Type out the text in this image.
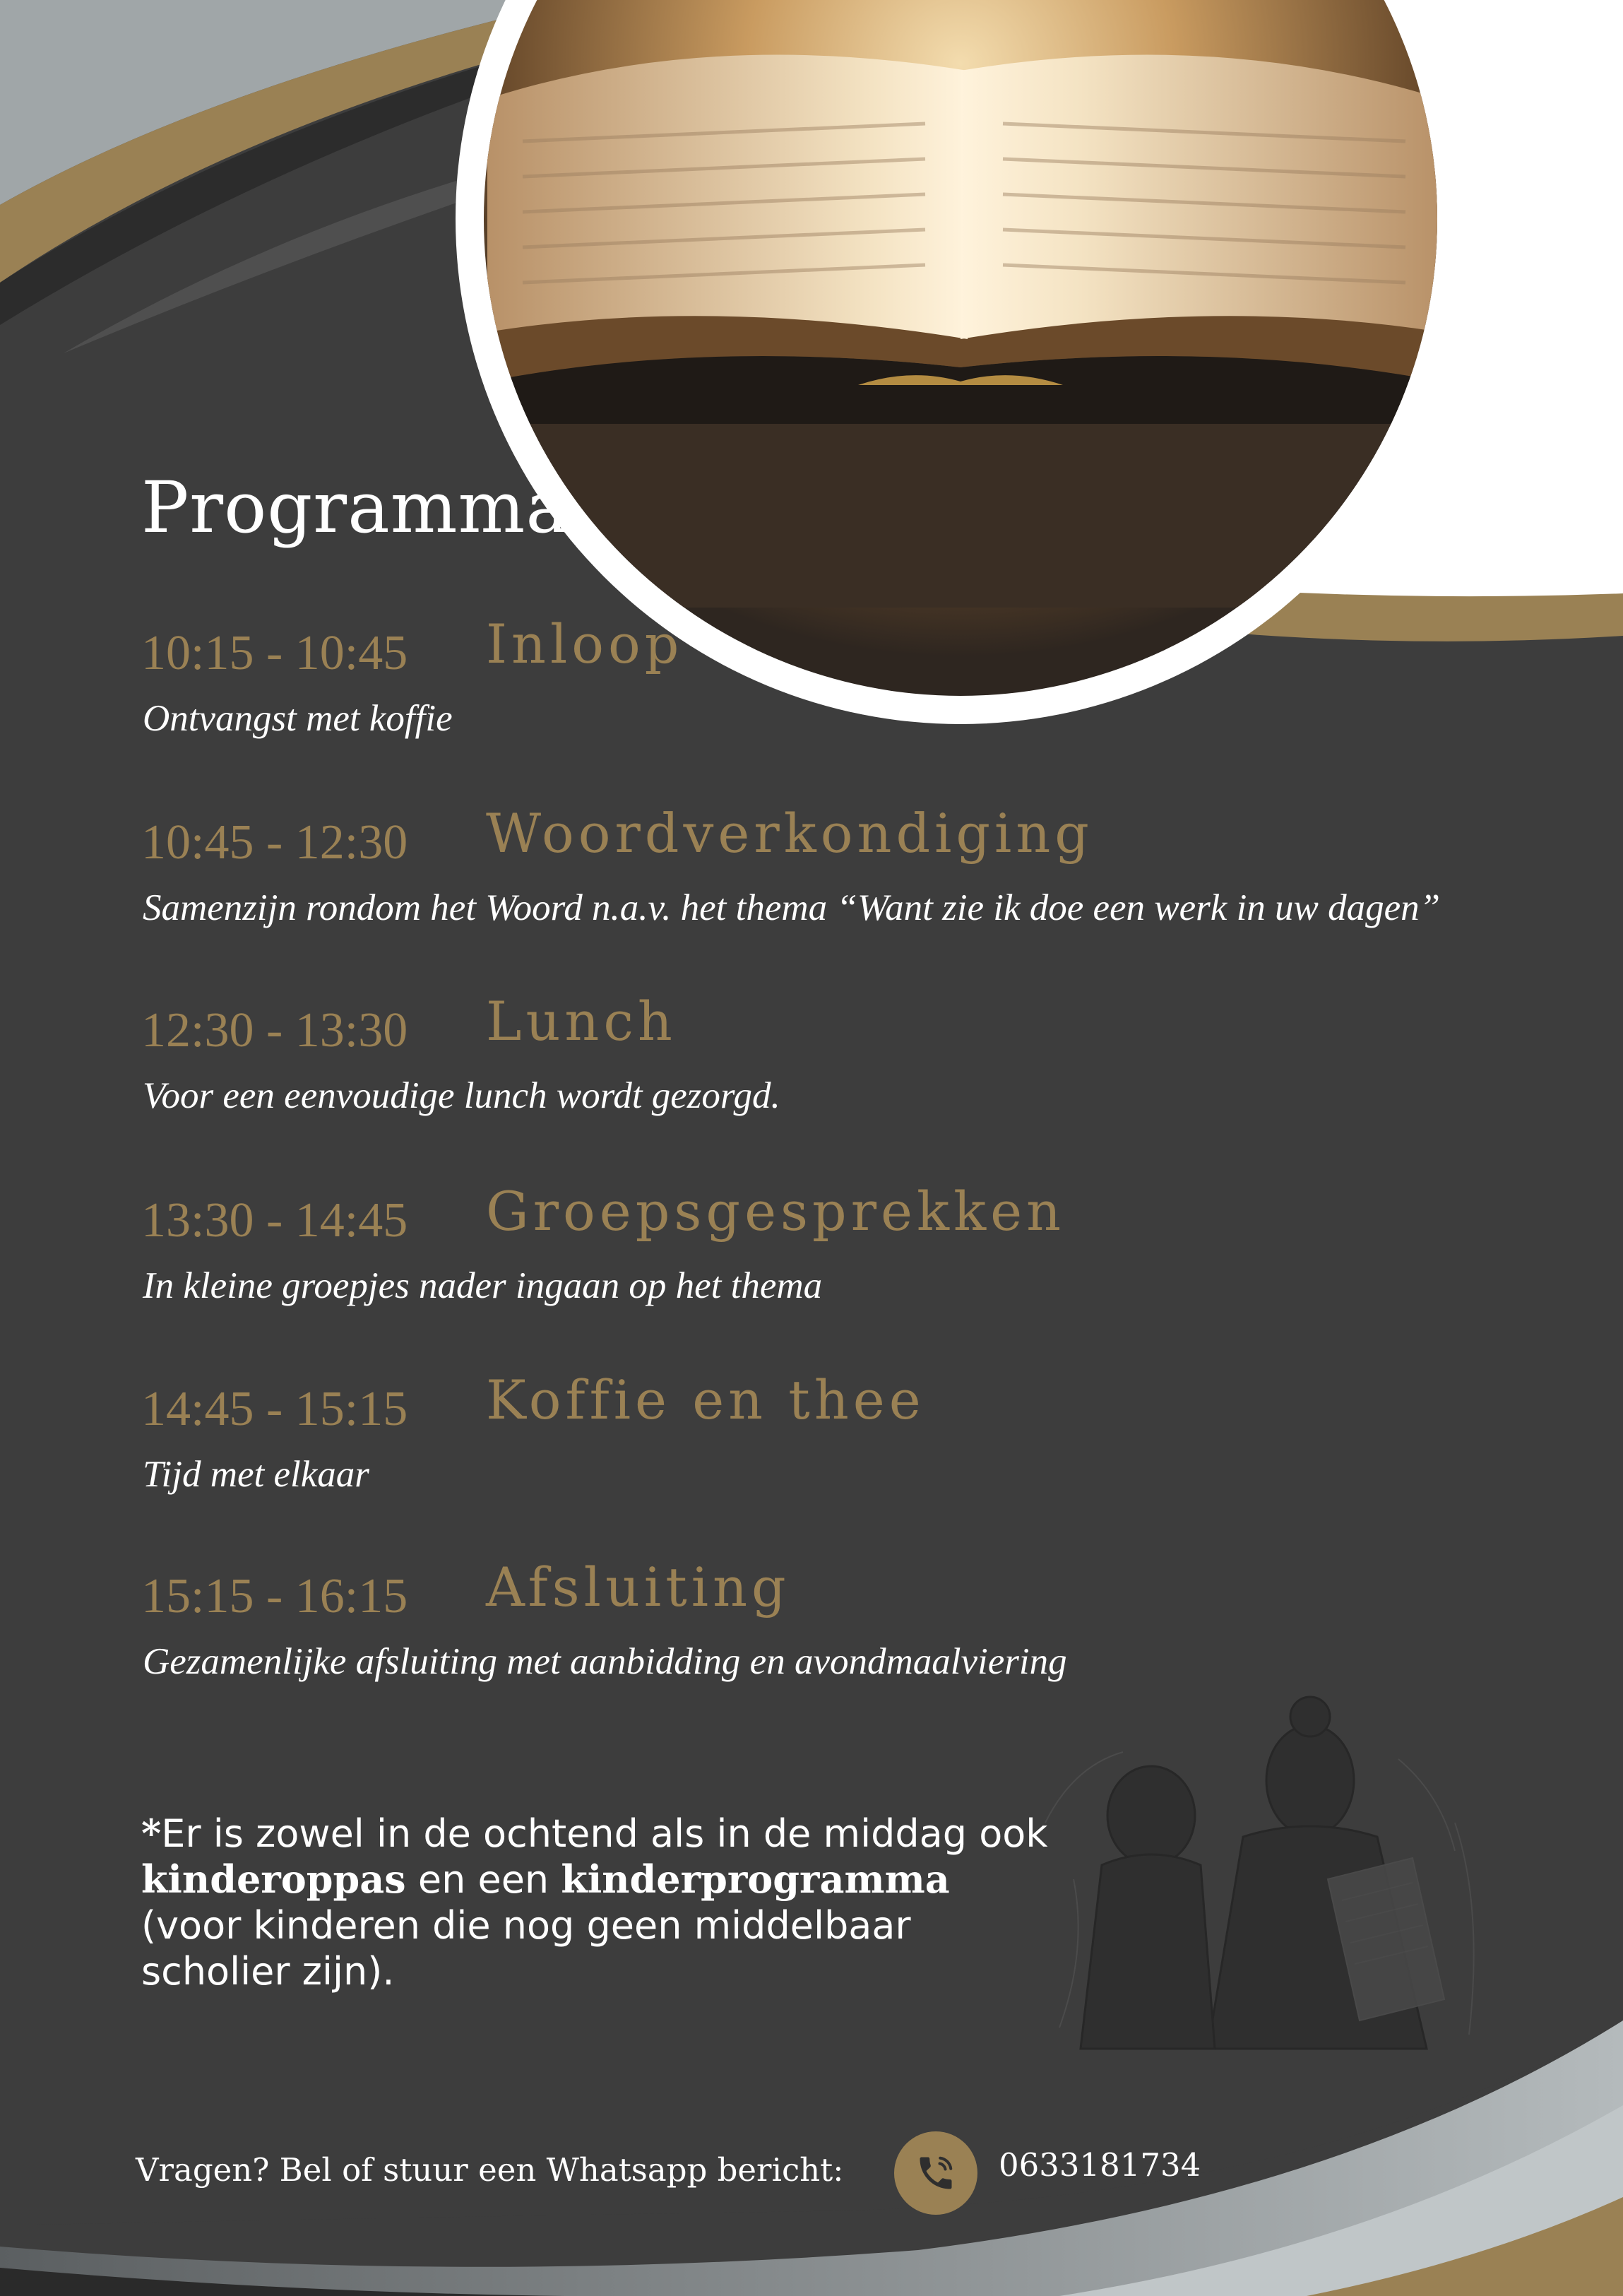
Programma
10:15 - 10:45 Inloop
Ontvangst met koffie
10:45 - 12:30 Woordverkondiging
Samenzijn rondom het Woord n.a.v. het thema “Want zie ik doe een werk in uw dagen”
12:30 - 13:30 Lunch
Voor een eenvoudige lunch wordt gezorgd.
13:30 - 14:45 Groepsgesprekken
In kleine groepjes nader ingaan op het thema
14:45 - 15:15 Koffie en thee
Tijd met elkaar
15:15 - 16:15 Afsluiting
Gezamenlijke afsluiting met aanbidding en avondmaalviering

*Er is zowel in de ochtend als in de middag ook kinderoppas en een kinderprogramma (voor kinderen die nog geen middelbaar scholier zijn).

Vragen? Bel of stuur een Whatsapp bericht:	0633181734
